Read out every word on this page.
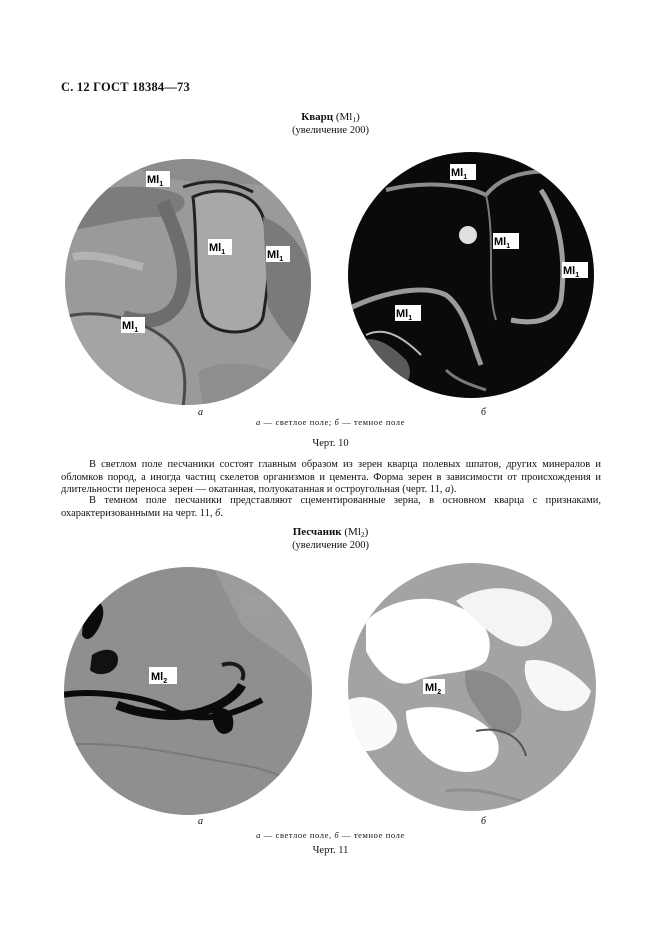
С. 12 ГОСТ 18384—73
Кварц $(Ml_1)$
(увеличение 200)
$Ml_1$
$Ml_1$	$Ml_1$
$Ml_1$
$Ml_1$
$Ml_1$
$Ml_1$
$Ml_1$
а	б
а — светлое поле; б — темное поле
Черт. 10

В светлом поле песчаники состоят главным образом из зерен кварца полевых шпатов, других минералов и обломков пород, а иногда частиц скелетов организмов и цемента. Форма зерен в зависимости от происхождения и длительности переноса зерен — окатанная, полуокатанная и остроугольная (черт. 11, а).

В темном поле песчаники представляют сцементированные зерна, в основном кварца с признаками, охарактеризованными на черт. 11, б.

Песчаник $(Ml_2)$
(увеличение 200)
$Ml_2$
$Ml_2$
а	б
а — светлое поле, б — темное поле
Черт. 11
